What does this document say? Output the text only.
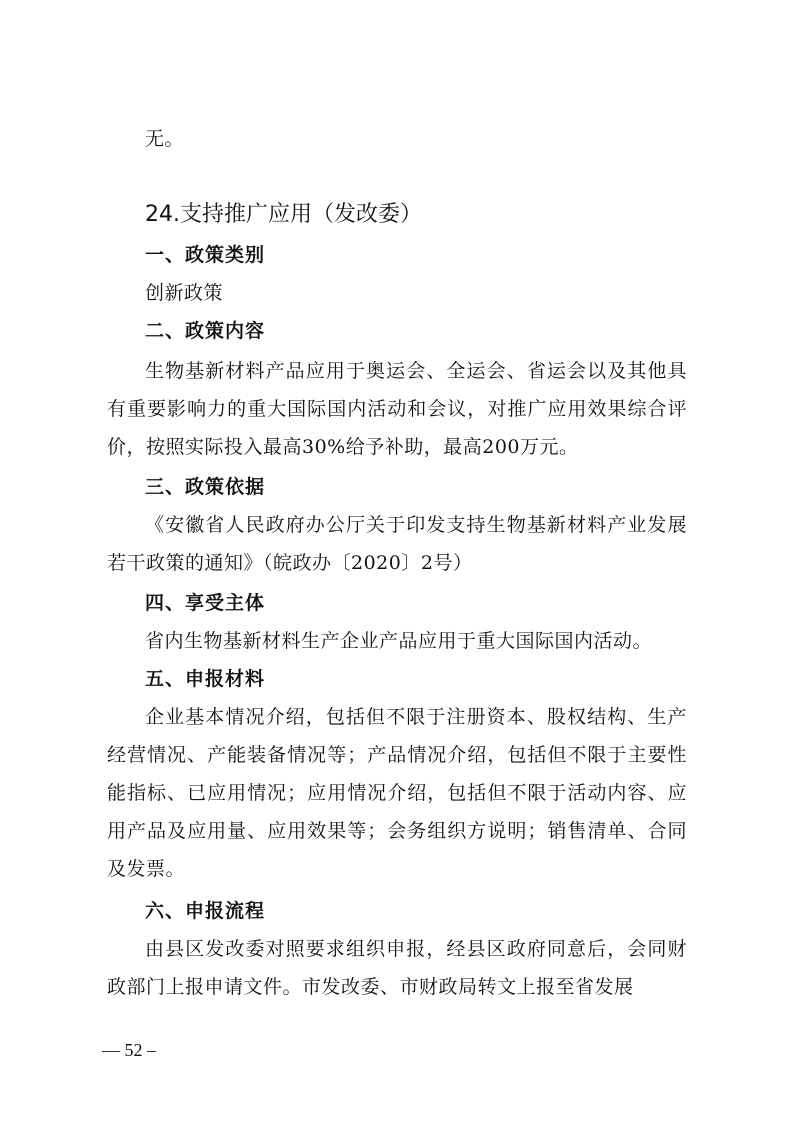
无。

24.支持推广应用（发改委）
一、政策类别

创新政策

二、政策内容

生物基新材料产品应用于奥运会、全运会、省运会以及其他具有重要影响力的重大国际国内活动和会议，对推广应用效果综合评价，按照实际投入最高30%给予补助，最高200万元。

三、政策依据

《安徽省人民政府办公厅关于印发支持生物基新材料产业发展若干政策的通知》（皖政办〔2020〕2号）

四、享受主体

省内生物基新材料生产企业产品应用于重大国际国内活动。

五、申报材料

企业基本情况介绍，包括但不限于注册资本、股权结构、生产经营情况、产能装备情况等；产品情况介绍，包括但不限于主要性能指标、已应用情况；应用情况介绍，包括但不限于活动内容、应用产品及应用量、应用效果等；会务组织方说明；销售清单、合同及发票。

六、申报流程

由县区发改委对照要求组织申报，经县区政府同意后，会同财政部门上报申请文件。市发改委、市财政局转文上报至省发展

— 52 –
